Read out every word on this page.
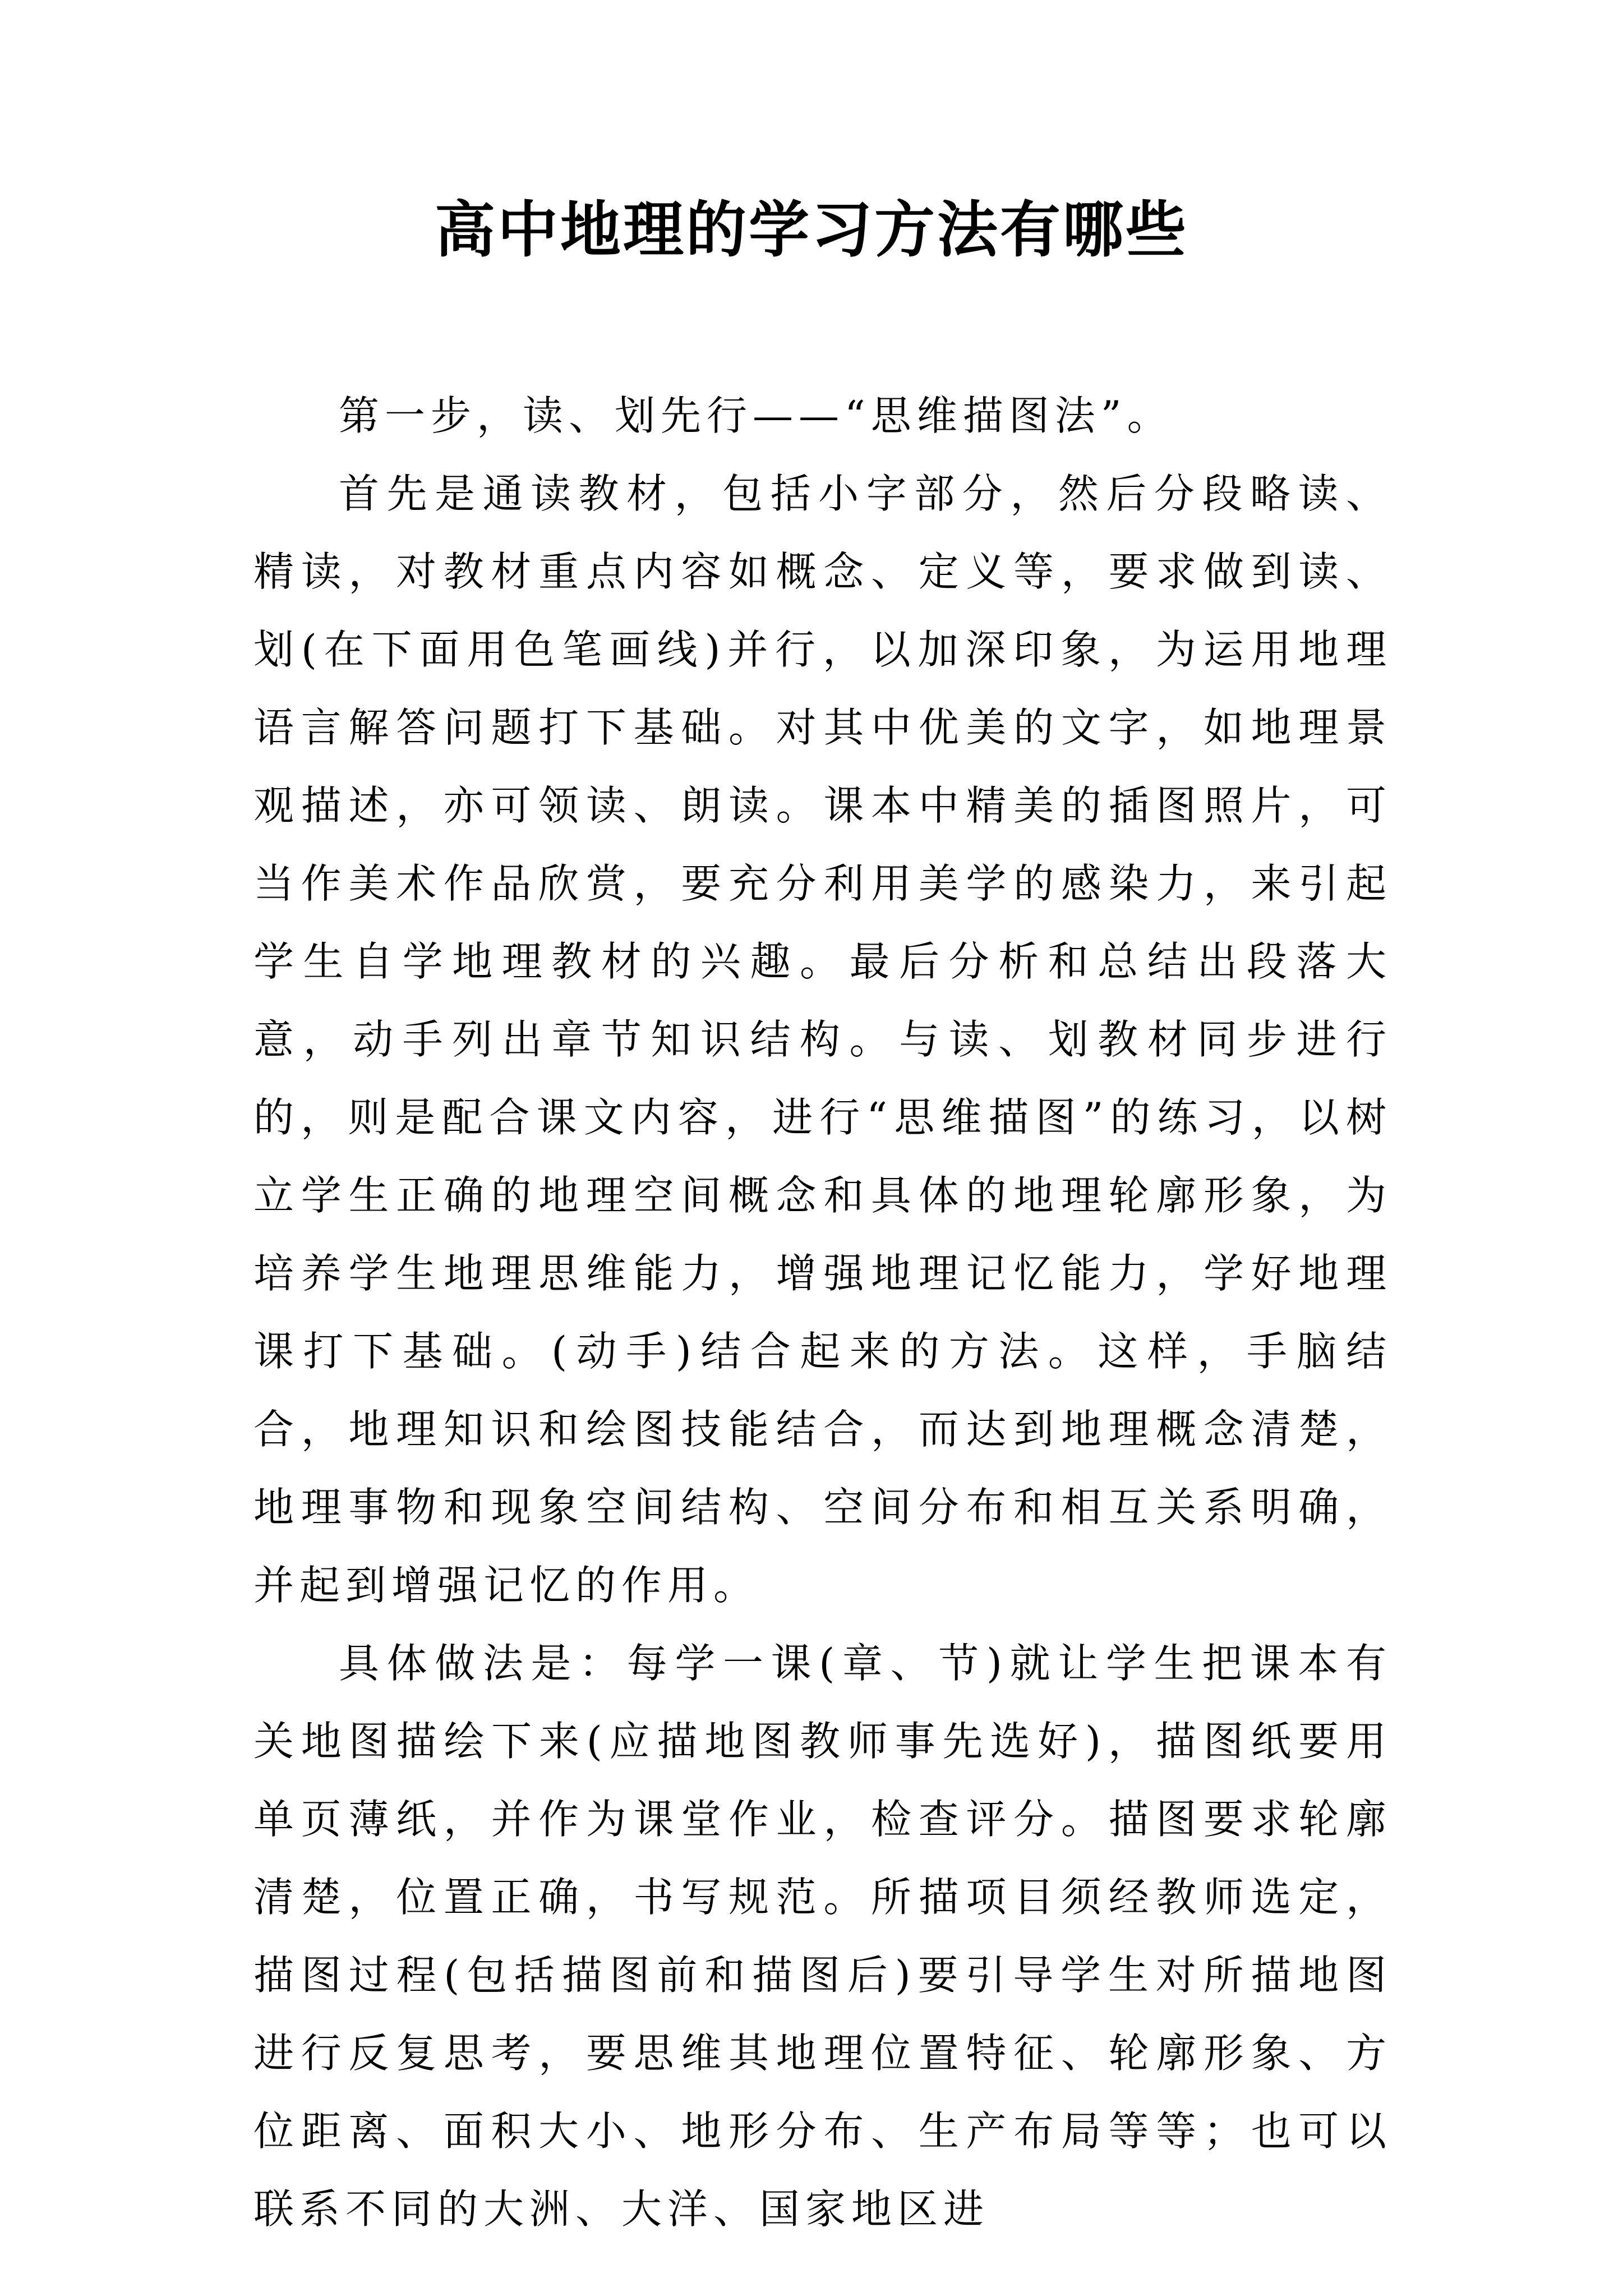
高中地理的学习方法有哪些

第一步，读、划先行——“思维描图法”。

首先是通读教材，包括小字部分，然后分段略读、精读，对教材重点内容如概念、定义等，要求做到读、划(在下面用色笔画线)并行，以加深印象，为运用地理语言解答问题打下基础。对其中优美的文字，如地理景观描述，亦可领读、朗读。课本中精美的插图照片，可当作美术作品欣赏，要充分利用美学的感染力，来引起学生自学地理教材的兴趣。最后分析和总结出段落大意，动手列出章节知识结构。与读、划教材同步进行的，则是配合课文内容，进行“思维描图”的练习，以树立学生正确的地理空间概念和具体的地理轮廓形象，为培养学生地理思维能力，增强地理记忆能力，学好地理课打下基础。(动手)结合起来的方法。这样，手脑结合，地理知识和绘图技能结合，而达到地理概念清楚，地理事物和现象空间结构、空间分布和相互关系明确，并起到增强记忆的作用。

具体做法是：每学一课(章、节)就让学生把课本有关地图描绘下来(应描地图教师事先选好)，描图纸要用单页薄纸，并作为课堂作业，检查评分。描图要求轮廓清楚，位置正确，书写规范。所描项目须经教师选定，描图过程(包括描图前和描图后)要引导学生对所描地图进行反复思考，要思维其地理位置特征、轮廓形象、方位距离、面积大小、地形分布、生产布局等等；也可以联系不同的大洲、大洋、国家地区进
